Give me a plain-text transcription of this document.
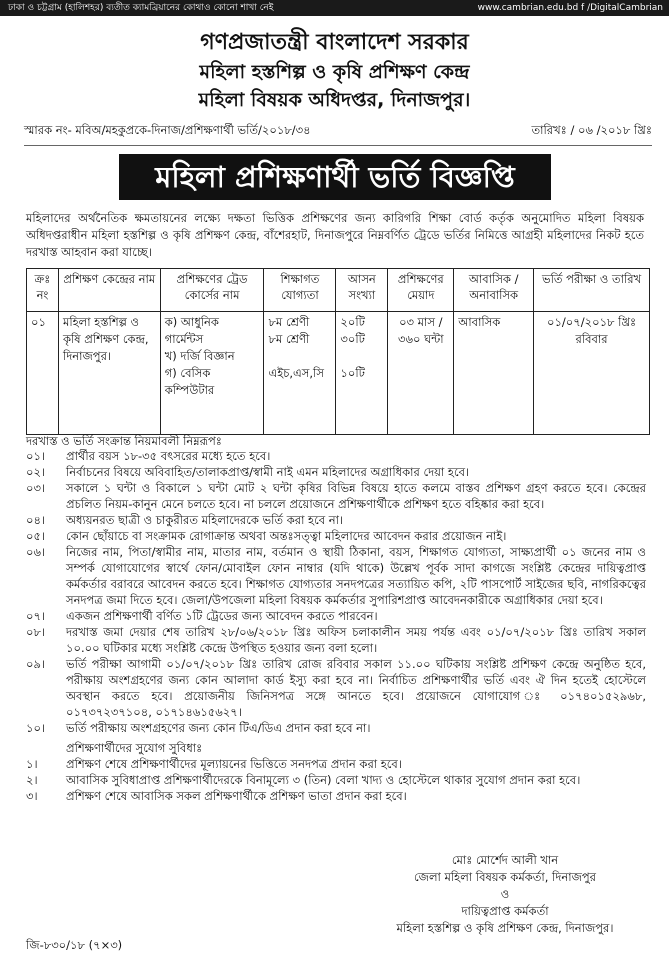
ঢাকা ও চট্টগ্রাম (হালিশহর) ব্যতীত ক্যামব্রিয়ানের কোথাও কোনো শাখা নেই	www.cambrian.edu.bd f /DigitalCambrian
গণপ্রজাতন্ত্রী বাংলাদেশ সরকার
মহিলা হস্তশিল্প ও কৃষি প্রশিক্ষণ কেন্দ্র
মহিলা বিষয়ক অধিদপ্তর, দিনাজপুর।
স্মারক নং- মবিঅ/মহকুপ্রকে-দিনাজ/প্রশিক্ষণার্থী ভর্তি/২০১৮/৩৪	তারিখঃ / ০৬ /২০১৮ খ্রিঃ
মহিলা প্রশিক্ষণার্থী ভর্তি বিজ্ঞপ্তি
মহিলাদের অর্থনৈতিক ক্ষমতায়নের লক্ষ্যে দক্ষতা ভিত্তিক প্রশিক্ষণের জন্য কারিগরি শিক্ষা বোর্ড কর্তৃক অনুমোদিত মহিলা বিষয়ক অধিদপ্তরাধীন মহিলা হস্তশিল্প ও কৃষি প্রশিক্ষণ কেন্দ্র, বাঁশেরহাট, দিনাজপুরে নিম্নবর্ণিত ট্রেডে ভর্তির নিমিত্তে আগ্রহী মহিলাদের নিকট হতে দরখাস্ত আহবান করা যাচ্ছে।
ক্রঃ নং	প্রশিক্ষণ কেন্দ্রের নাম	প্রশিক্ষণের ট্রেড কোর্সের নাম	শিক্ষাগত যোগ্যতা	আসন সংখ্যা	প্রশিক্ষণের মেয়াদ	আবাসিক /অনাবাসিক	ভর্তি পরীক্ষা ও তারিখ
০১	মহিলা হস্তশিল্প ও কৃষি প্রশিক্ষণ কেন্দ্র, দিনাজপুর।	ক) আধুনিক গার্মেন্টস
খ) দর্জি বিজ্ঞান
গ) বেসিক কম্পিউটার	৮ম শ্রেণী
৮ম শ্রেণী
এইচ,এস,সি	২০টি
৩০টি
১০টি	০৩ মাস / ৩৬০ ঘন্টা	আবাসিক	০১/০৭/২০১৮ খ্রিঃ রবিবার
দরখাস্ত ও ভর্তি সংক্রান্ত নিয়মাবলী নিম্নরূপঃ
০১।	প্রার্থীর বয়স ১৮-৩৫ বৎসরের মধ্যে হতে হবে।
০২।	নির্বাচনের বিষয়ে অবিবাহিত/তালাকপ্রাপ্ত/স্বামী নাই এমন মহিলাদের অগ্রাধিকার দেয়া হবে।
০৩।	সকালে ১ ঘন্টা ও বিকালে ১ ঘন্টা মোট ২ ঘন্টা কৃষির বিভিন্ন বিষয়ে হাতে কলমে বাস্তব প্রশিক্ষণ গ্রহণ করতে হবে। কেন্দ্রের প্রচলিত নিয়ম-কানুন মেনে চলতে হবে। না চললে প্রয়োজনে প্রশিক্ষণার্থীকে প্রশিক্ষণ হতে বহিষ্কার করা হবে।
০৪।	অধ্যয়নরত ছাত্রী ও চাকুরীরত মহিলাদেরকে ভর্তি করা হবে না।
০৫।	কোন ছোঁয়াচে বা সংক্রামক রোগাক্রান্ত অথবা অন্তঃসত্ত্বা মহিলাদের আবেদন করার প্রয়োজন নাই।
০৬।	নিজের নাম, পিতা/স্বামীর নাম, মাতার নাম, বর্তমান ও স্থায়ী ঠিকানা, বয়স, শিক্ষাগত যোগ্যতা, সাক্ষ্যপ্রার্থী ০১ জনের নাম ও সম্পর্ক যোগাযোগের স্বার্থে ফোন/মোবাইল ফোন নাম্বার (যদি থাকে) উল্লেখ পূর্বক সাদা কাগজে সংশ্লিষ্ট কেন্দ্রের দায়িত্বপ্রাপ্ত কর্মকর্তার বরাবরে আবেদন করতে হবে। শিক্ষাগত যোগ্যতার সনদপত্রের সত্যায়িত কপি, ২টি পাসপোর্ট সাইজের ছবি, নাগরিকত্বের সনদপত্র জমা দিতে হবে। জেলা/উপজেলা মহিলা বিষয়ক কর্মকর্তার সুপারিশপ্রাপ্ত আবেদনকারীকে অগ্রাধিকার দেয়া হবে।
০৭।	একজন প্রশিক্ষণার্থী বর্ণিত ১টি ট্রেডের জন্য আবেদন করতে পারবেন।
০৮।	দরখাস্ত জমা দেয়ার শেষ তারিখ ২৮/০৬/২০১৮ খ্রিঃ অফিস চলাকালীন সময় পর্যন্ত এবং ০১/০৭/২০১৮ খ্রিঃ তারিখ সকাল ১০.০০ ঘটিকার মধ্যে সংশ্লিষ্ট কেন্দ্রে উপস্থিত হওয়ার জন্য বলা হলো।
০৯।	ভর্তি পরীক্ষা আগামী ০১/০৭/২০১৮ খ্রিঃ তারিখ রোজ রবিবার সকাল ১১.০০ ঘটিকায় সংশ্লিষ্ট প্রশিক্ষণ কেন্দ্রে অনুষ্ঠিত হবে, পরীক্ষায় অংশগ্রহণের জন্য কোন আলাদা কার্ড ইস্যু করা হবে না। নির্বাচিত প্রশিক্ষণার্থীর ভর্তি এবং ঐ দিন হতেই হোস্টেলে অবস্থান করতে হবে। প্রয়োজনীয় জিনিসপত্র সঙ্গে আনতে হবে। প্রয়োজনে যোগাযোগ ঃ ০১৭৪০১৫২৯৬৮, ০১৭৩৭২৩৭১০৪, ০১৭১৪৬১৫৬২৭।
১০।	ভর্তি পরীক্ষায় অংশগ্রহণের জন্য কোন টিএ/ডিএ প্রদান করা হবে না।
প্রশিক্ষণার্থীদের সুযোগ সুবিধাঃ
১।	প্রশিক্ষণ শেষে প্রশিক্ষণার্থীদের মূল্যায়নের ভিত্তিতে সনদপত্র প্রদান করা হবে।
২।	আবাসিক সুবিধাপ্রাপ্ত প্রশিক্ষণার্থীদেরকে বিনামূল্যে ৩ (তিন) বেলা খাদ্য ও হোস্টেলে থাকার সুযোগ প্রদান করা হবে।
৩।	প্রশিক্ষণ শেষে আবাসিক সকল প্রশিক্ষণার্থীকে প্রশিক্ষণ ভাতা প্রদান করা হবে।
মোঃ মোর্শেদ আলী খান
জেলা মহিলা বিষয়ক কর্মকর্তা, দিনাজপুর
ও
দায়িত্বপ্রাপ্ত কর্মকর্তা
মহিলা হস্তশিল্প ও কৃষি প্রশিক্ষণ কেন্দ্র, দিনাজপুর।
জি-৮৩০/১৮ (৭×৩)
